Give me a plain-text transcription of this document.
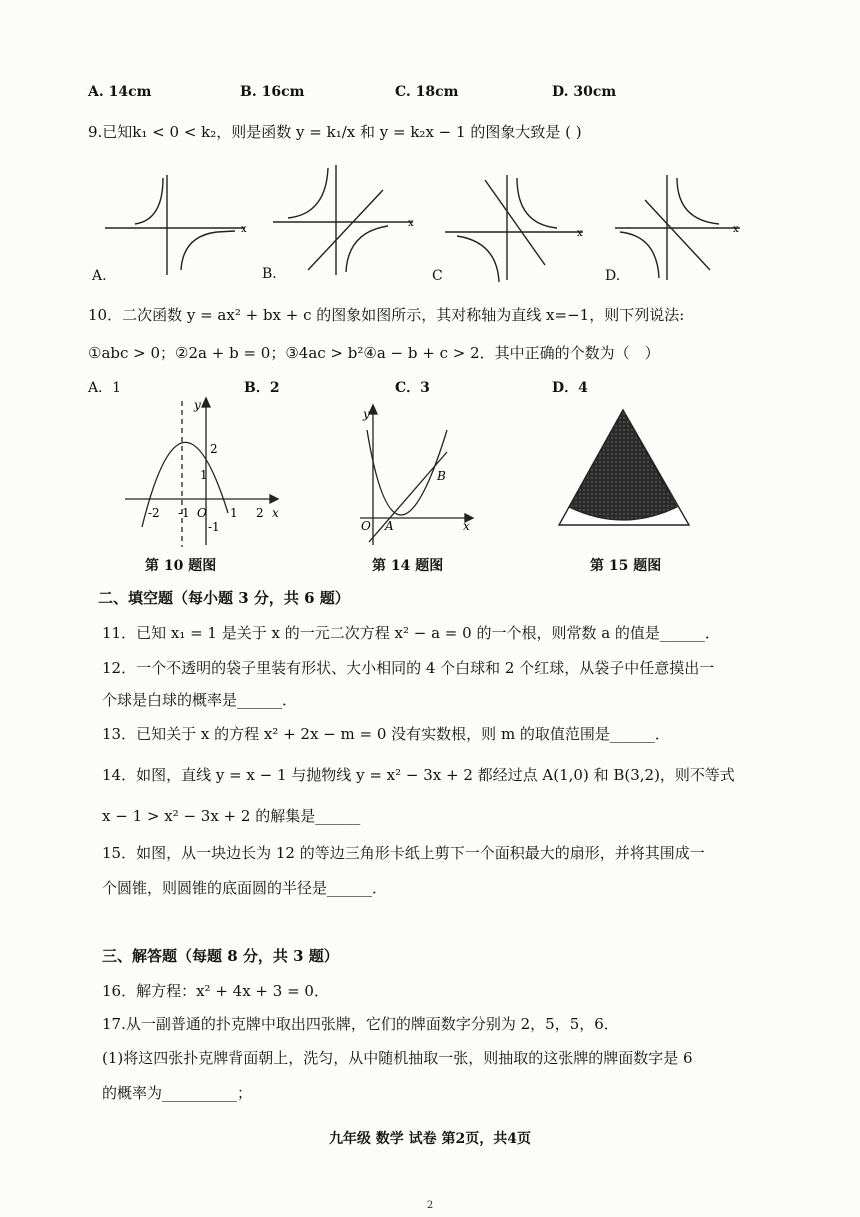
A. 14cm	B. 16cm	C. 18cm	D. 30cm
9.已知k₁ < 0 < k₂，则是函数 y = k₁/x 和 y = k₂x − 1 的图象大致是 ( )
x
A.
x
B.
x
C
x
D.
10．二次函数 y = ax² + bx + c 的图象如图所示，其对称轴为直线 x=−1，则下列说法:
①abc > 0；②2a + b = 0；③4ac > b²④a − b + c > 2．其中正确的个数为（　）
A．1	B．2	C．3	D．4
y
x
2
1
O
-1
-2 -1	1 2
第 10 题图
y
x
O A
B
第 14 题图	第 15 题图
二、填空题（每小题 3 分，共 6 题）
11．已知 x₁ = 1 是关于 x 的一元二次方程 x² − a = 0 的一个根，则常数 a 的值是______．
12．一个不透明的袋子里装有形状、大小相同的 4 个白球和 2 个红球，从袋子中任意摸出一
个球是白球的概率是______．
13．已知关于 x 的方程 x² + 2x − m = 0 没有实数根，则 m 的取值范围是______．
14．如图，直线 y = x − 1 与抛物线 y = x² − 3x + 2 都经过点 A(1,0) 和 B(3,2)，则不等式
x − 1 > x² − 3x + 2 的解集是______
15．如图，从一块边长为 12 的等边三角形卡纸上剪下一个面积最大的扇形，并将其围成一
个圆锥，则圆锥的底面圆的半径是______．
三、解答题（每题 8 分，共 3 题）
16．解方程：x² + 4x + 3 = 0．
17.从一副普通的扑克牌中取出四张牌，它们的牌面数字分别为 2，5，5，6．
(1)将这四张扑克牌背面朝上，洗匀，从中随机抽取一张，则抽取的这张牌的牌面数字是 6
的概率为__________；
九年级 数学 试卷 第2页，共4页
2
